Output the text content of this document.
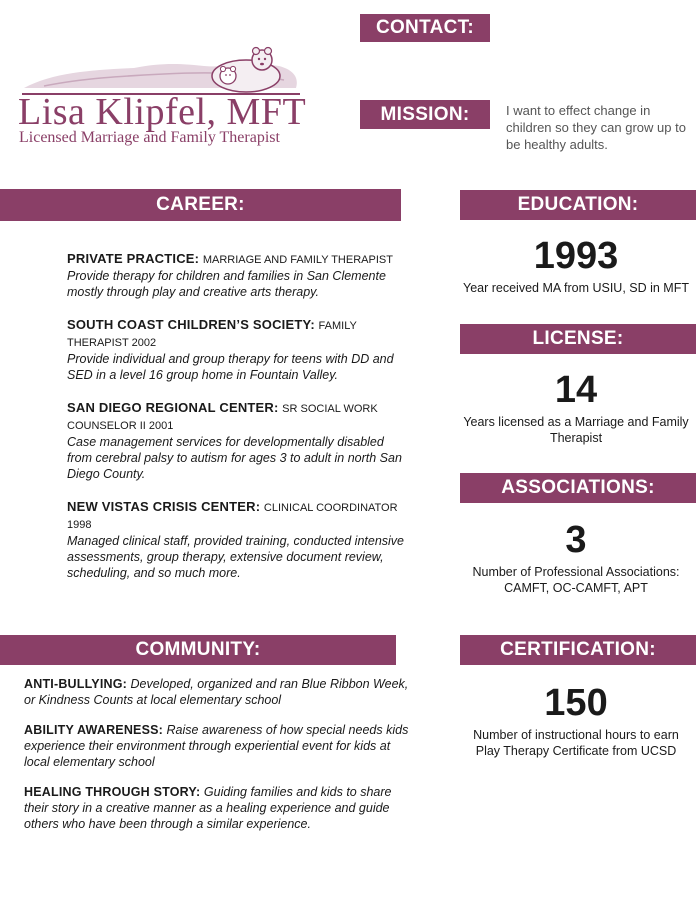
Lisa Klipfel, MFT
Licensed Marriage and Family Therapist
CONTACT:
MISSION:	I want to effect change in children so they can grow up to be healthy adults.
CAREER:
PRIVATE PRACTICE: MARRIAGE AND FAMILY THERAPIST
Provide therapy for children and families in San Clemente mostly through play and creative arts therapy.
SOUTH COAST CHILDREN’S SOCIETY: FAMILY THERAPIST 2002
Provide individual and group therapy for teens with DD and SED in a level 16 group home in Fountain Valley.
SAN DIEGO REGIONAL CENTER: SR SOCIAL WORK COUNSELOR II 2001
Case management services for developmentally disabled from cerebral palsy to autism for ages 3 to adult in north San Diego County.
NEW VISTAS CRISIS CENTER: CLINICAL COORDINATOR 1998
Managed clinical staff, provided training, conducted intensive assessments, group therapy, extensive document review, scheduling, and so much more.
COMMUNITY:
ANTI-BULLYING: Developed, organized and ran Blue Ribbon Week, or Kindness Counts at local elementary school
ABILITY AWARENESS: Raise awareness of how special needs kids experience their environment through experiential event for kids at local elementary school
HEALING THROUGH STORY: Guiding families and kids to share their story in a creative manner as a healing experience and guide others who have been through a similar experience.
EDUCATION:
1993
Year received MA from USIU, SD in MFT
LICENSE:
14
Years licensed as a Marriage and Family Therapist
ASSOCIATIONS:
3
Number of Professional Associations: CAMFT, OC-CAMFT, APT
CERTIFICATION:
150
Number of instructional hours to earn Play Therapy Certificate from UCSD
